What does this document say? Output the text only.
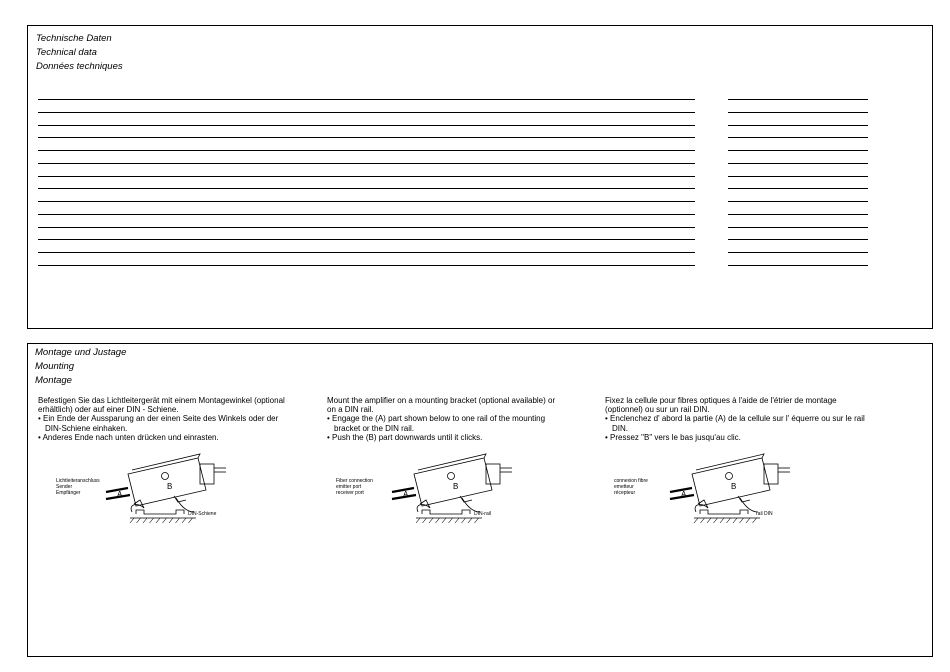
Technische Daten
Technical data
Données techniques
Montage und Justage
Mounting
Montage

Befestigen Sie das Lichtleitergerät mit einem Montagewinkel (optional erhältlich) oder auf einer DIN - Schiene.

• Ein Ende der Aussparung an der einen Seite des Winkels oder der DIN-Schiene einhaken.
• Anderes Ende nach unten drücken und einrasten.

Mount the amplifier on a mounting bracket (optional available) or on a DIN rail.

• Engage the (A) part shown below to one rail of the mounting bracket or the DIN rail.
• Push the (B) part downwards until it clicks.

Fixez la cellule pour fibres optiques à l'aide de l'étrier de montage (optionnel) ou sur un rail DIN.

• Enclenchez d' abord la partie (A) de la cellule sur l' équerre ou sur le rail DIN.
• Pressez "B" vers le bas jusqu'au clic.
Lichtleiteranschluss
Sender
Empfänger	A
B
DIN-Schiene
Fiber connection
emitter port
receiver port	A
B
DIN-rail
connexion fibre
emetteur
récepteur	A
B
rail DIN
